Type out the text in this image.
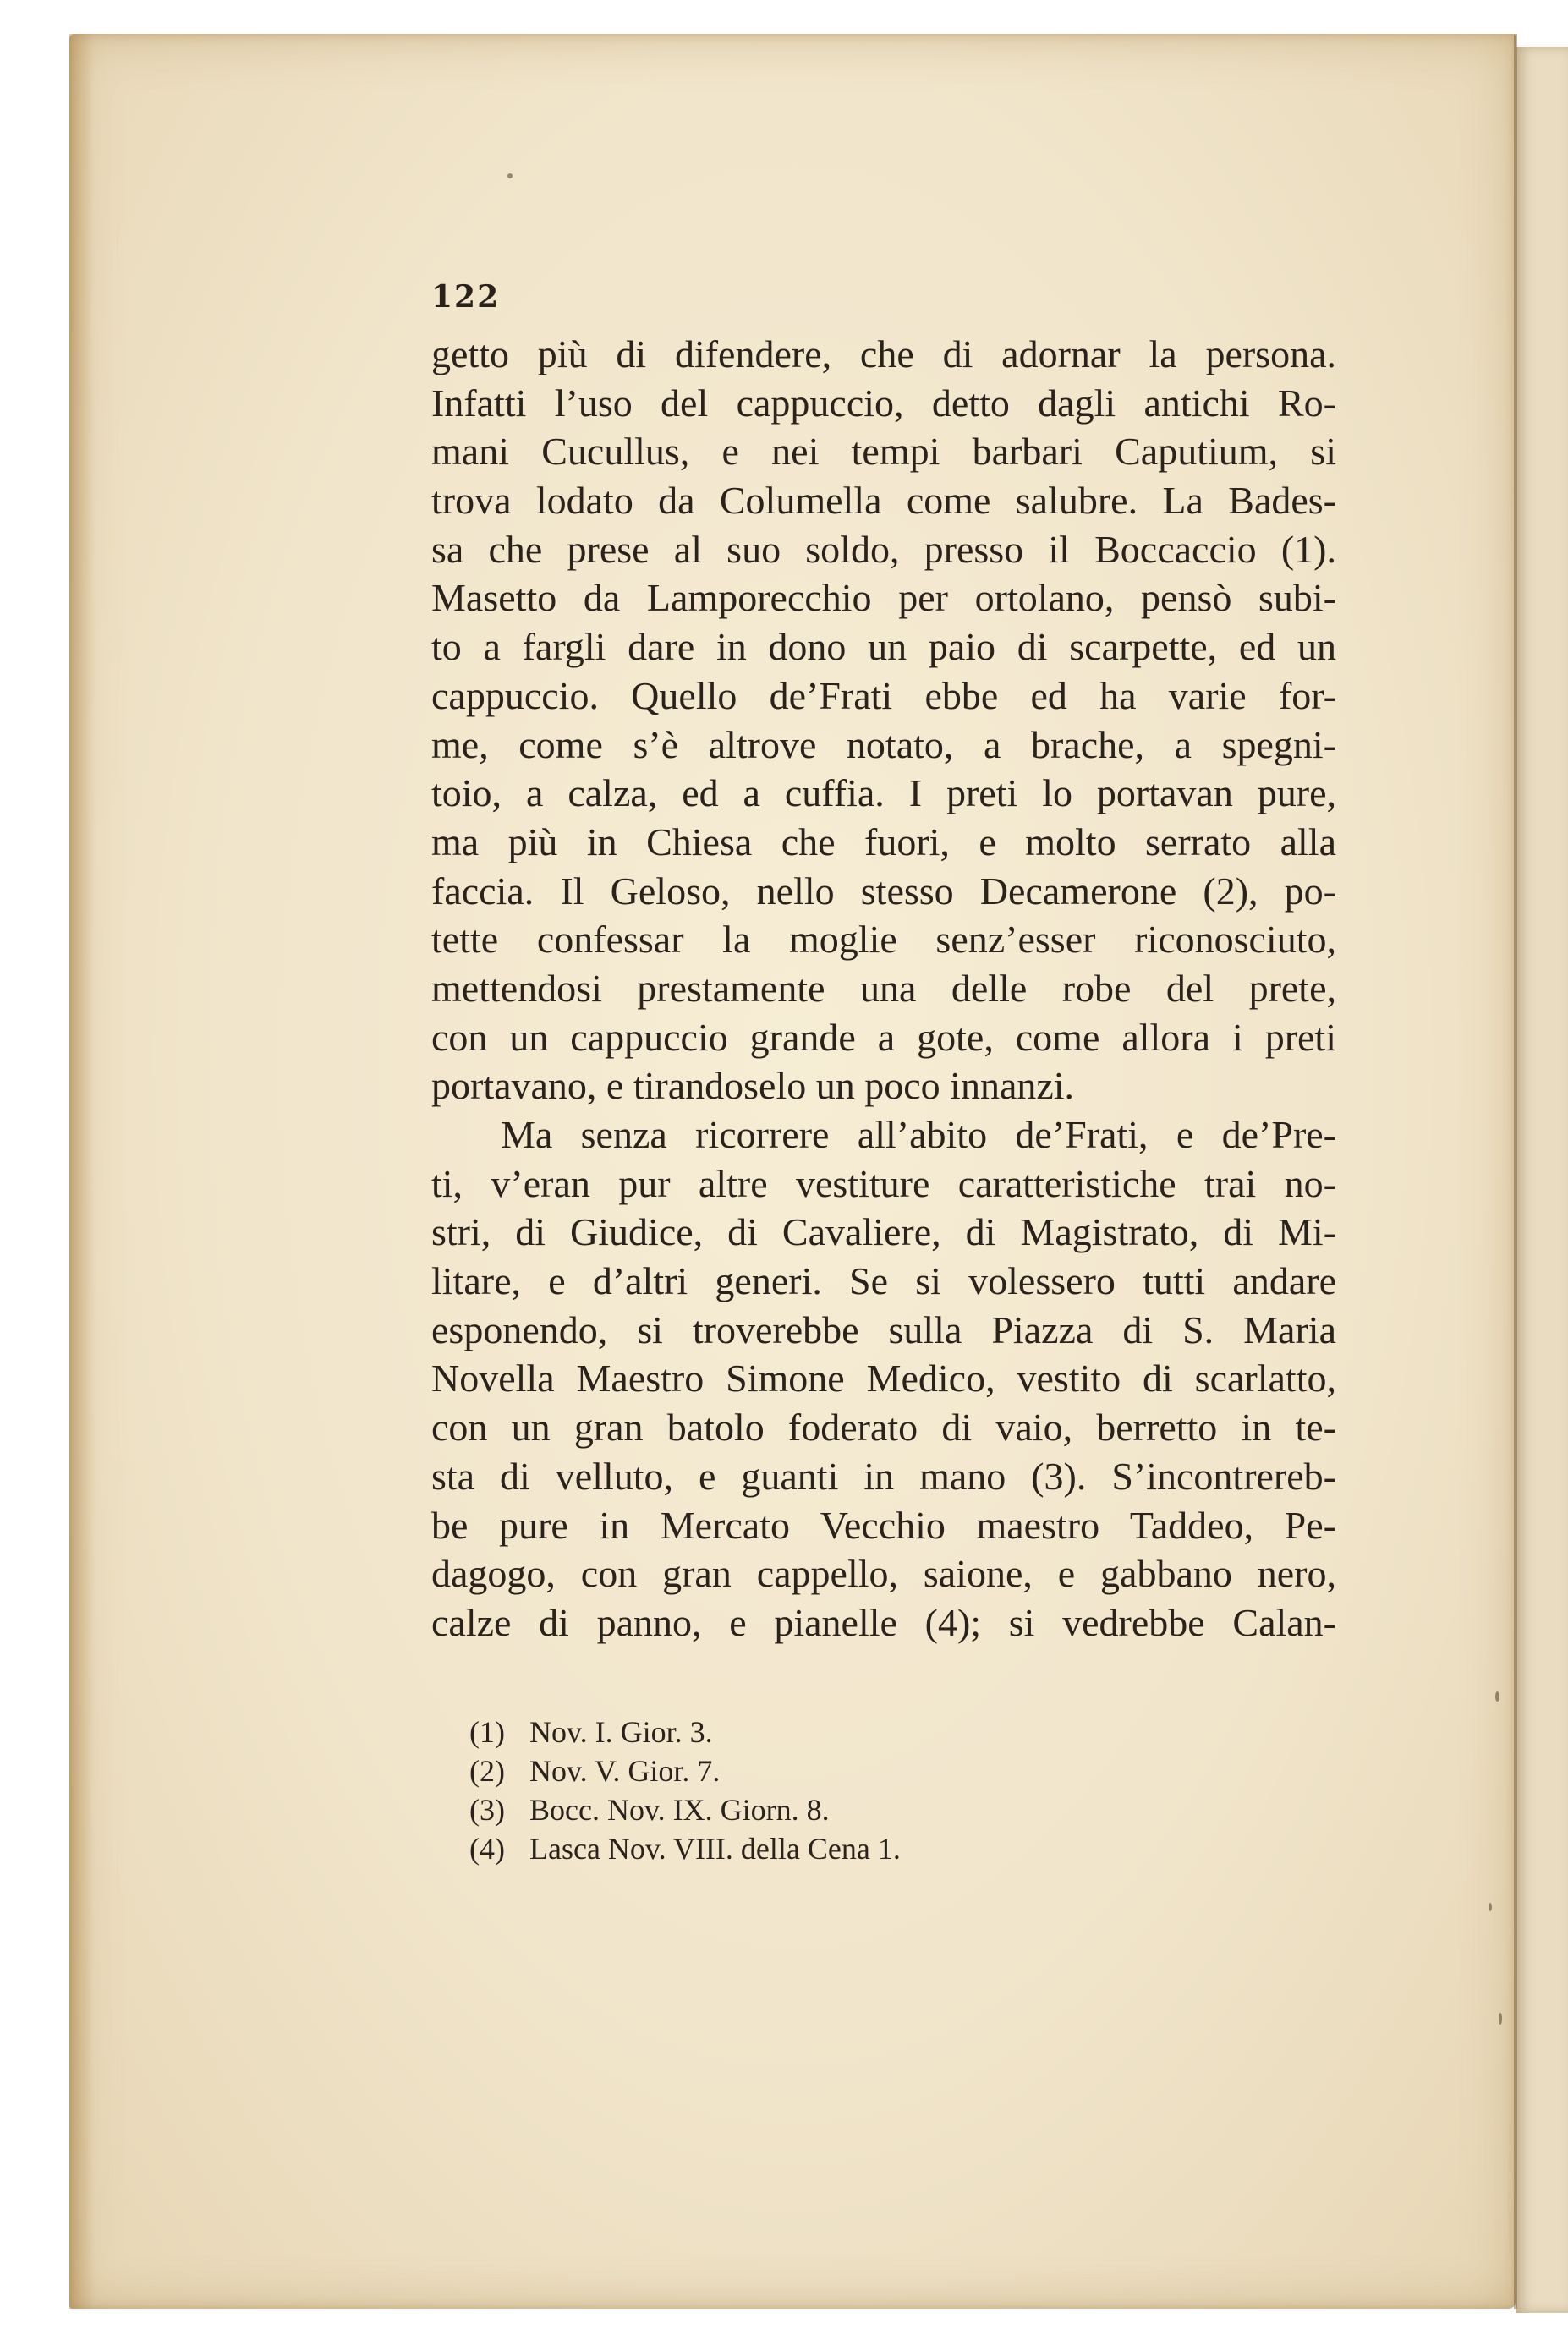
122
getto più di difendere, che di adornar la persona.
Infatti l’uso del cappuccio, detto dagli antichi Ro-
mani Cucullus, e nei tempi barbari Caputium, si
trova lodato da Columella come salubre. La Bades-
sa che prese al suo soldo, presso il Boccaccio (1).
Masetto da Lamporecchio per ortolano, pensò subi-
to a fargli dare in dono un paio di scarpette, ed un
cappuccio. Quello de’Frati ebbe ed ha varie for-
me, come s’è altrove notato, a brache, a spegni-
toio, a calza, ed a cuffia. I preti lo portavan pure,
ma più in Chiesa che fuori, e molto serrato alla
faccia. Il Geloso, nello stesso Decamerone (2), po-
tette confessar la moglie senz’esser riconosciuto,
mettendosi prestamente una delle robe del prete,
con un cappuccio grande a gote, come allora i preti
portavano, e tirandoselo un poco innanzi.
Ma senza ricorrere all’abito de’Frati, e de’Pre-
ti, v’eran pur altre vestiture caratteristiche trai no-
stri, di Giudice, di Cavaliere, di Magistrato, di Mi-
litare, e d’altri generi. Se si volessero tutti andare
esponendo, si troverebbe sulla Piazza di S. Maria
Novella Maestro Simone Medico, vestito di scarlatto,
con un gran batolo foderato di vaio, berretto in te-
sta di velluto, e guanti in mano (3). S’incontrereb-
be pure in Mercato Vecchio maestro Taddeo, Pe-
dagogo, con gran cappello, saione, e gabbano nero,
calze di panno, e pianelle (4); si vedrebbe Calan-
(1) Nov. I. Gior. 3.
(2) Nov. V. Gior. 7.
(3) Bocc. Nov. IX. Giorn. 8.
(4) Lasca Nov. VIII. della Cena 1.
